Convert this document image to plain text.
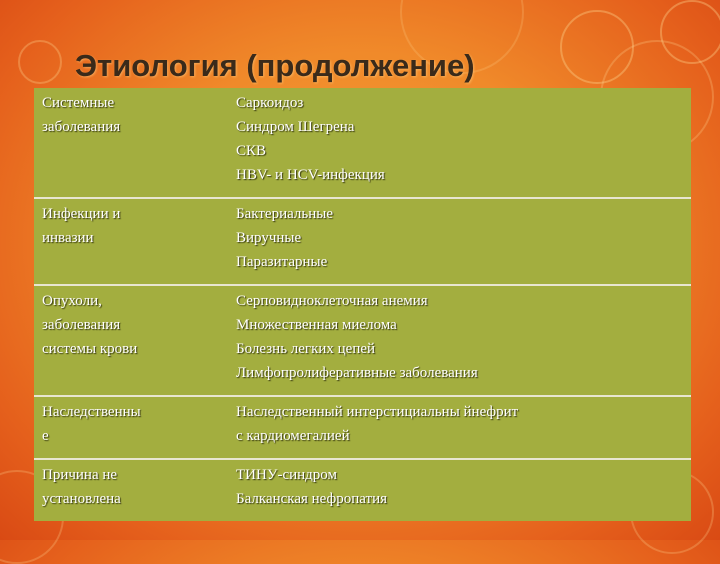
Этиология (продолжение)
Системные
заболевания	Саркоидоз
Синдром Шегрена
СКВ
HBV- и HCV-инфекция

Инфекции и
инвазии	Бактериальные
Виручные
Паразитарные

Опухоли,
заболевания
системы крови	Серповидноклеточная анемия
Множественная миелома
Болезнь легких цепей
Лимфопролиферативные заболевания

Наследственны
е	Наследственный интерстициальны йнефрит
с кардиомегалией

Причина не
установлена	ТИНУ-синдром
Балканская нефропатия
